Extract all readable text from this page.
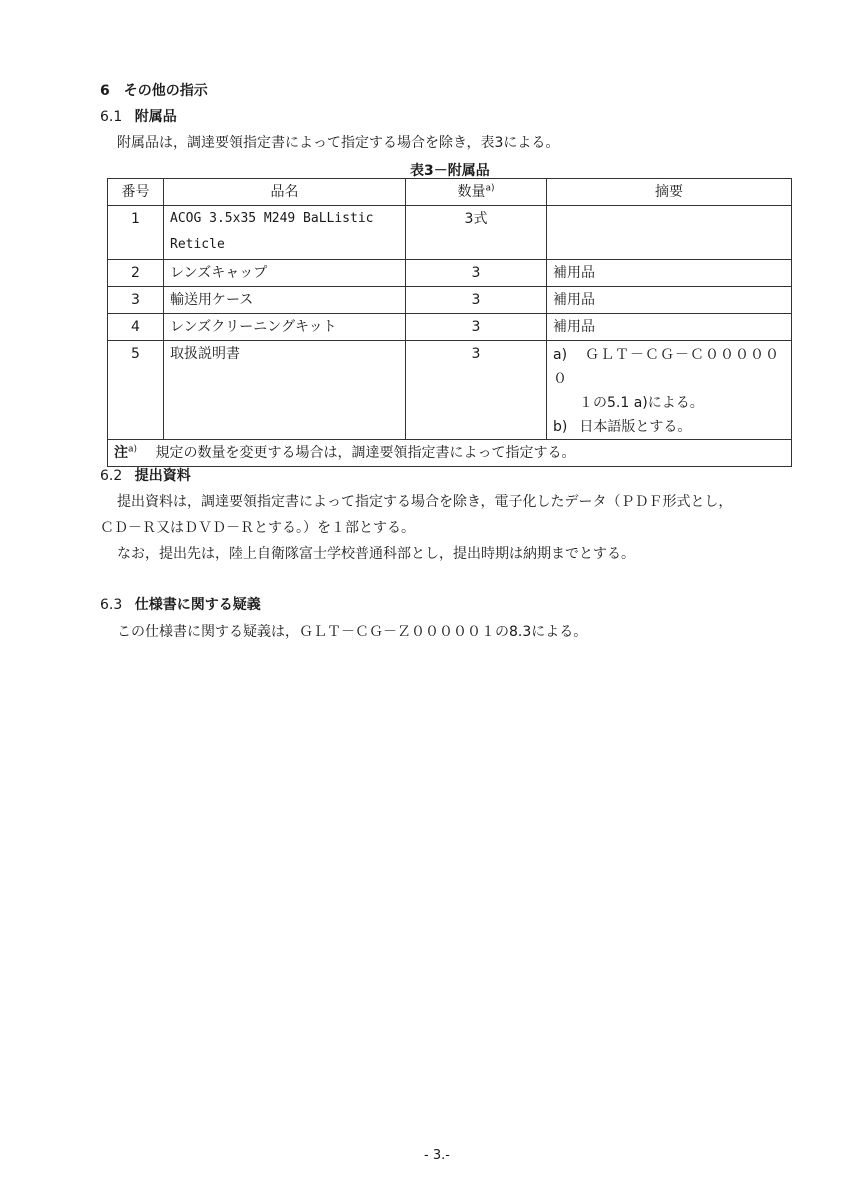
6　その他の指示
6.1 附属品
附属品は，調達要領指定書によって指定する場合を除き，表3による。
表3－附属品
番号	品名	数量$^{a)}$	摘要
1	ACOG 3.5x35 M249 BaLListic
Reticle	3式	
2	レンズキャップ	3	補用品
3	輸送用ケース	3	補用品
4	レンズクリーニングキット	3	補用品
5	取扱説明書	3	a) ＧＬＴ－ＣＧ－Ｃ００００００
１の5.1 a)による。
b) 日本語版とする。

注$^{a)}$ 規定の数量を変更する場合は，調達要領指定書によって指定する。			
6.2 提出資料
提出資料は，調達要領指定書によって指定する場合を除き，電子化したデータ（ＰＤＦ形式とし，
ＣＤ－Ｒ又はＤＶＤ－Ｒとする。）を１部とする。
なお，提出先は，陸上自衛隊富士学校普通科部とし，提出時期は納期までとする。
6.3 仕様書に関する疑義
この仕様書に関する疑義は，ＧＬＴ－ＣＧ－Ｚ０００００１の8.3による。
- 3.-
